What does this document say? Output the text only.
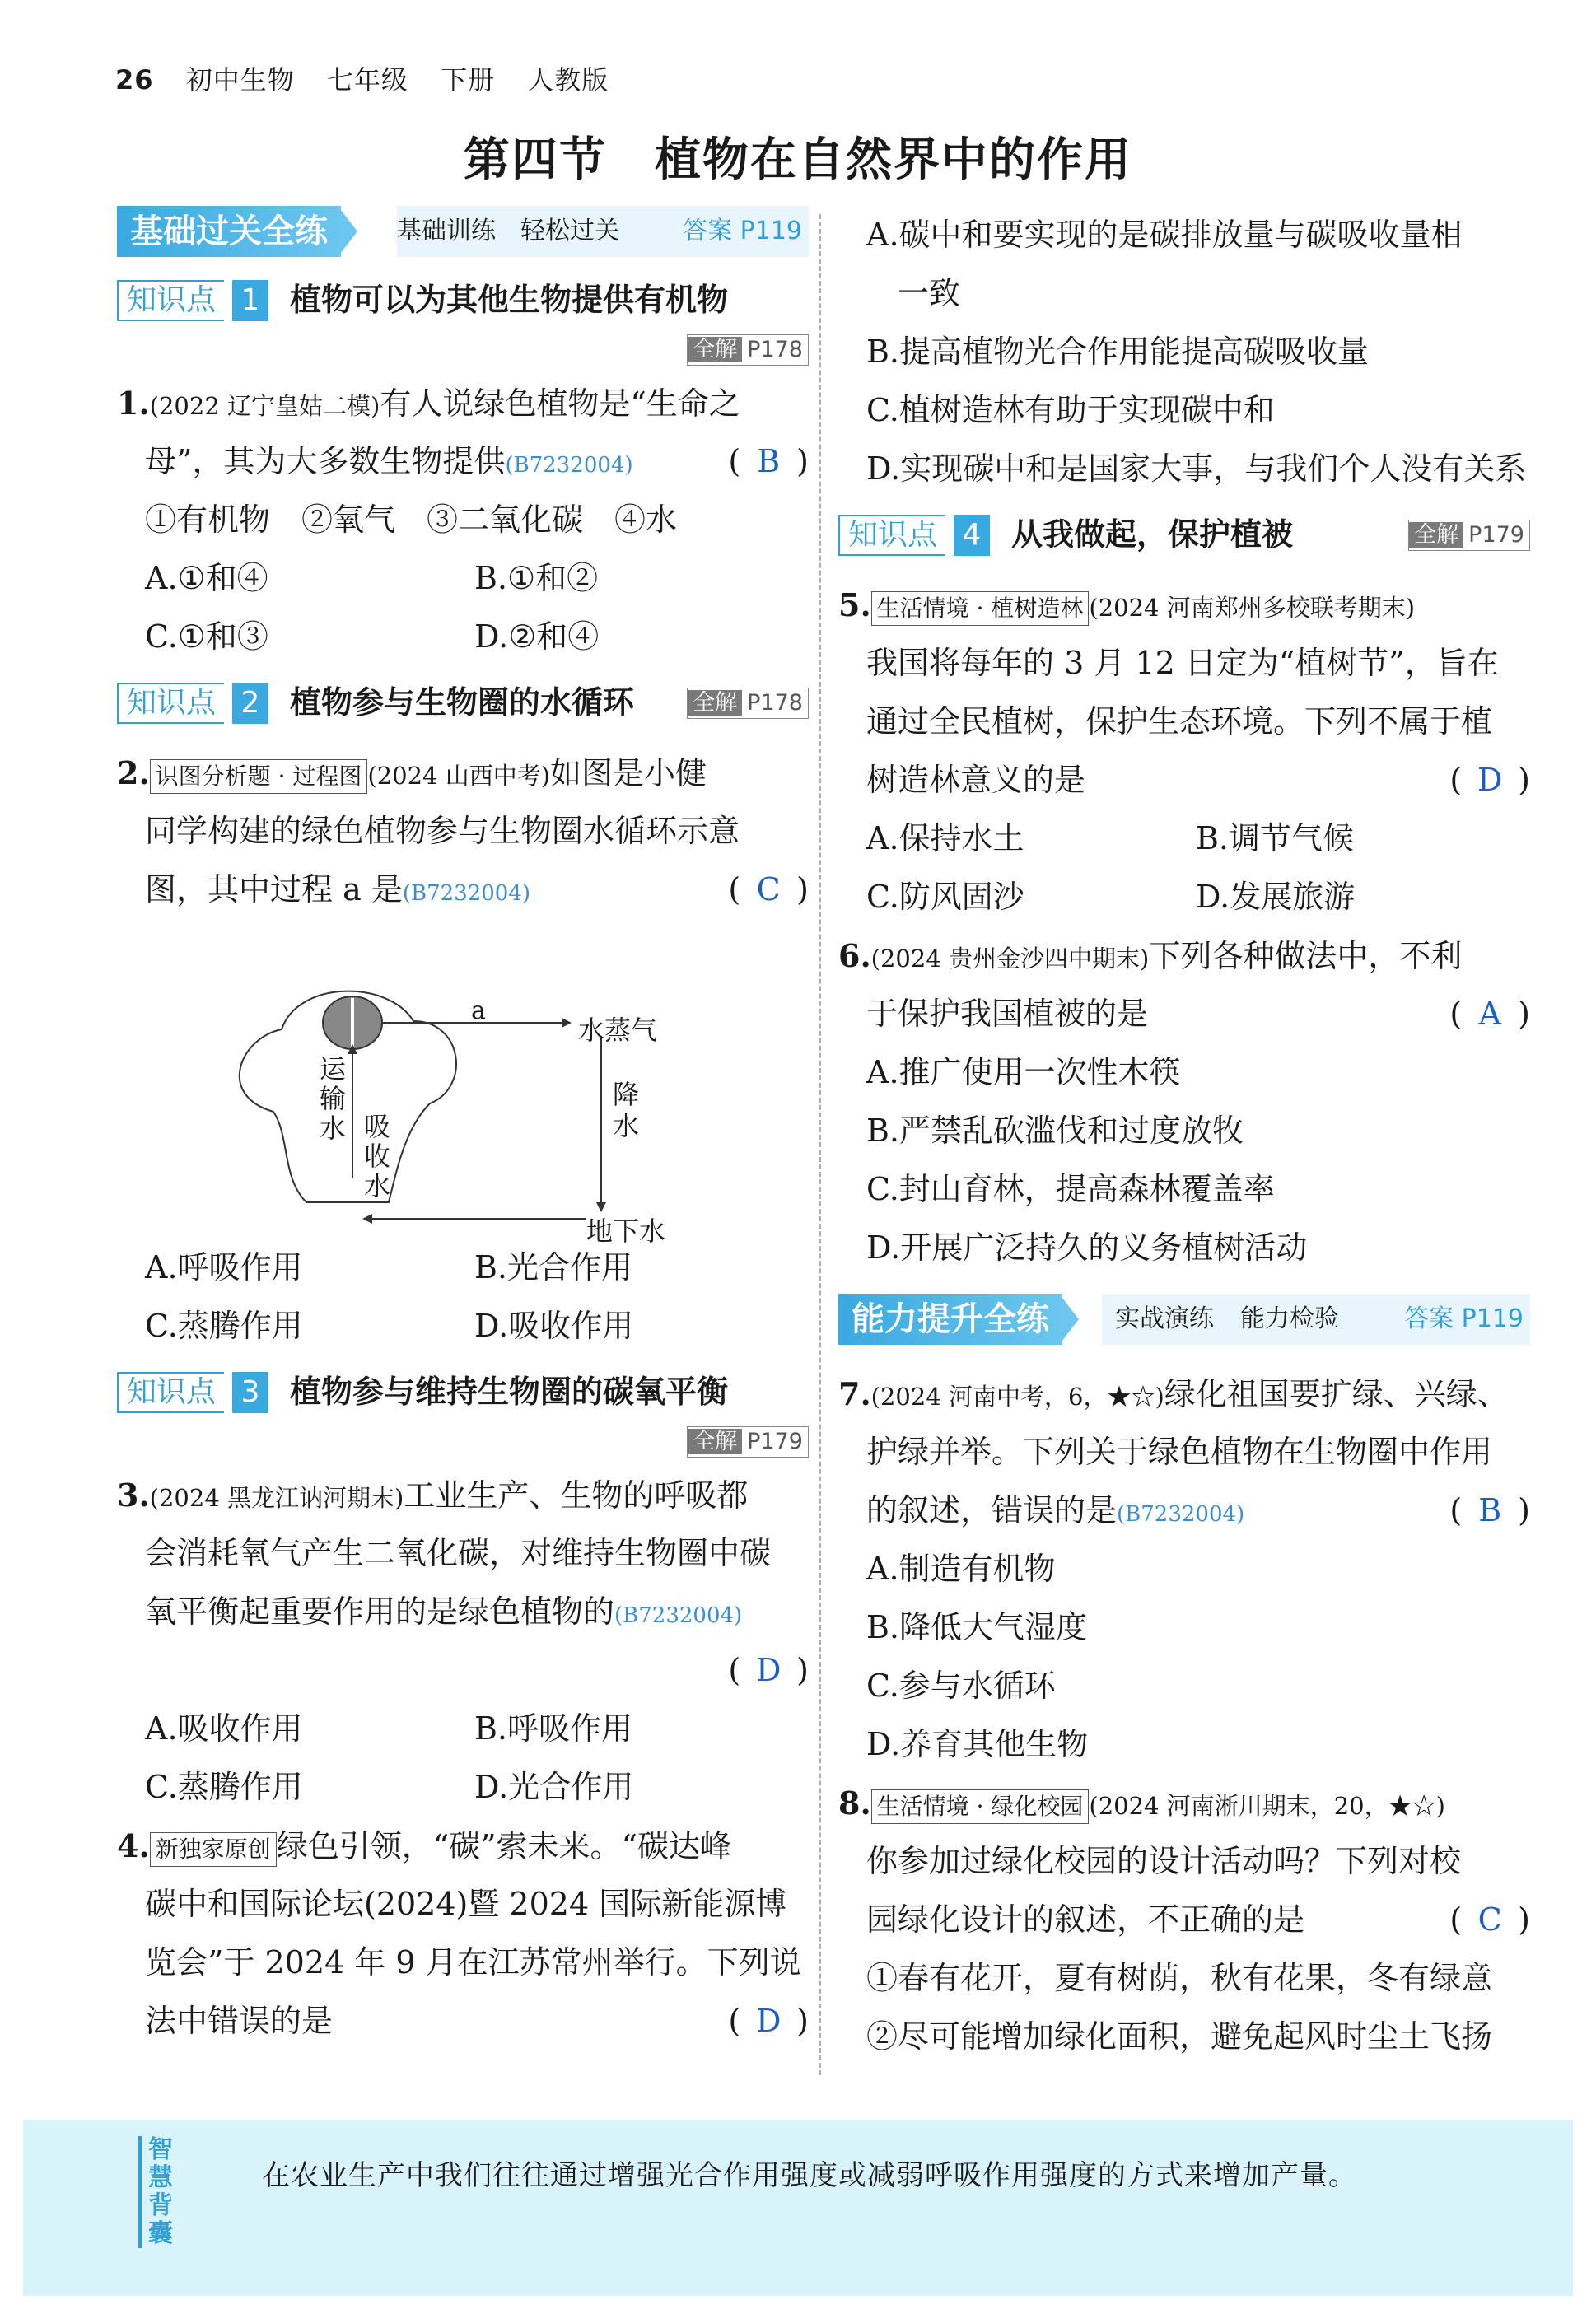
26 初中生物 七年级 下册 人教版
第四节　植物在自然界中的作用
基础过关全练	基础训练 轻松过关	答案 P119
知识点 1 植物可以为其他生物提供有机物
全解 P178
1.(2022 辽宁皇姑二模)有人说绿色植物是“生命之
母”，其为大多数生物提供(B7232004)	( B )
①有机物　②氧气　③二氧化碳　④水
A.①和④	B.①和②
C.①和③	D.②和④
知识点 2 植物参与生物圈的水循环	全解 P178
2. 识图分析题 · 过程图 (2024 山西中考)如图是小健
同学构建的绿色植物参与生物圈水循环示意
图，其中过程 a 是(B7232004)	( C )
a
水蒸气
运输水
降水
吸收水
地下水
A.呼吸作用	B.光合作用
C.蒸腾作用	D.吸收作用
知识点 3 植物参与维持生物圈的碳氧平衡
全解 P179
3.(2024 黑龙江讷河期末)工业生产、生物的呼吸都
会消耗氧气产生二氧化碳，对维持生物圈中碳
氧平衡起重要作用的是绿色植物的(B7232004)
( D )
A.吸收作用	B.呼吸作用
C.蒸腾作用	D.光合作用
4. 新独家原创 绿色引领，“碳”索未来。“碳达峰
碳中和国际论坛(2024)暨 2024 国际新能源博
览会”于 2024 年 9 月在江苏常州举行。下列说
法中错误的是	( D )
A.碳中和要实现的是碳排放量与碳吸收量相
一致
B.提高植物光合作用能提高碳吸收量
C.植树造林有助于实现碳中和
D.实现碳中和是国家大事，与我们个人没有关系
知识点 4 从我做起，保护植被	全解 P179
5. 生活情境 · 植树造林 (2024 河南郑州多校联考期末)
我国将每年的 3 月 12 日定为“植树节”，旨在
通过全民植树，保护生态环境。下列不属于植
树造林意义的是	( D )
A.保持水土	B.调节气候
C.防风固沙	D.发展旅游
6.(2024 贵州金沙四中期末)下列各种做法中，不利
于保护我国植被的是	( A )
A.推广使用一次性木筷
B.严禁乱砍滥伐和过度放牧
C.封山育林，提高森林覆盖率
D.开展广泛持久的义务植树活动
能力提升全练	实战演练 能力检验	答案 P119
7.(2024 河南中考，6，★☆)绿化祖国要扩绿、兴绿、
护绿并举。下列关于绿色植物在生物圈中作用
的叙述，错误的是(B7232004)	( B )
A.制造有机物
B.降低大气湿度
C.参与水循环
D.养育其他生物
8. 生活情境 · 绿化校园 (2024 河南淅川期末，20，★☆)
你参加过绿化校园的设计活动吗？下列对校
园绿化设计的叙述，不正确的是	( C )
①春有花开，夏有树荫，秋有花果，冬有绿意
②尽可能增加绿化面积，避免起风时尘土飞扬
智慧背囊
在农业生产中我们往往通过增强光合作用强度或减弱呼吸作用强度的方式来增加产量。
